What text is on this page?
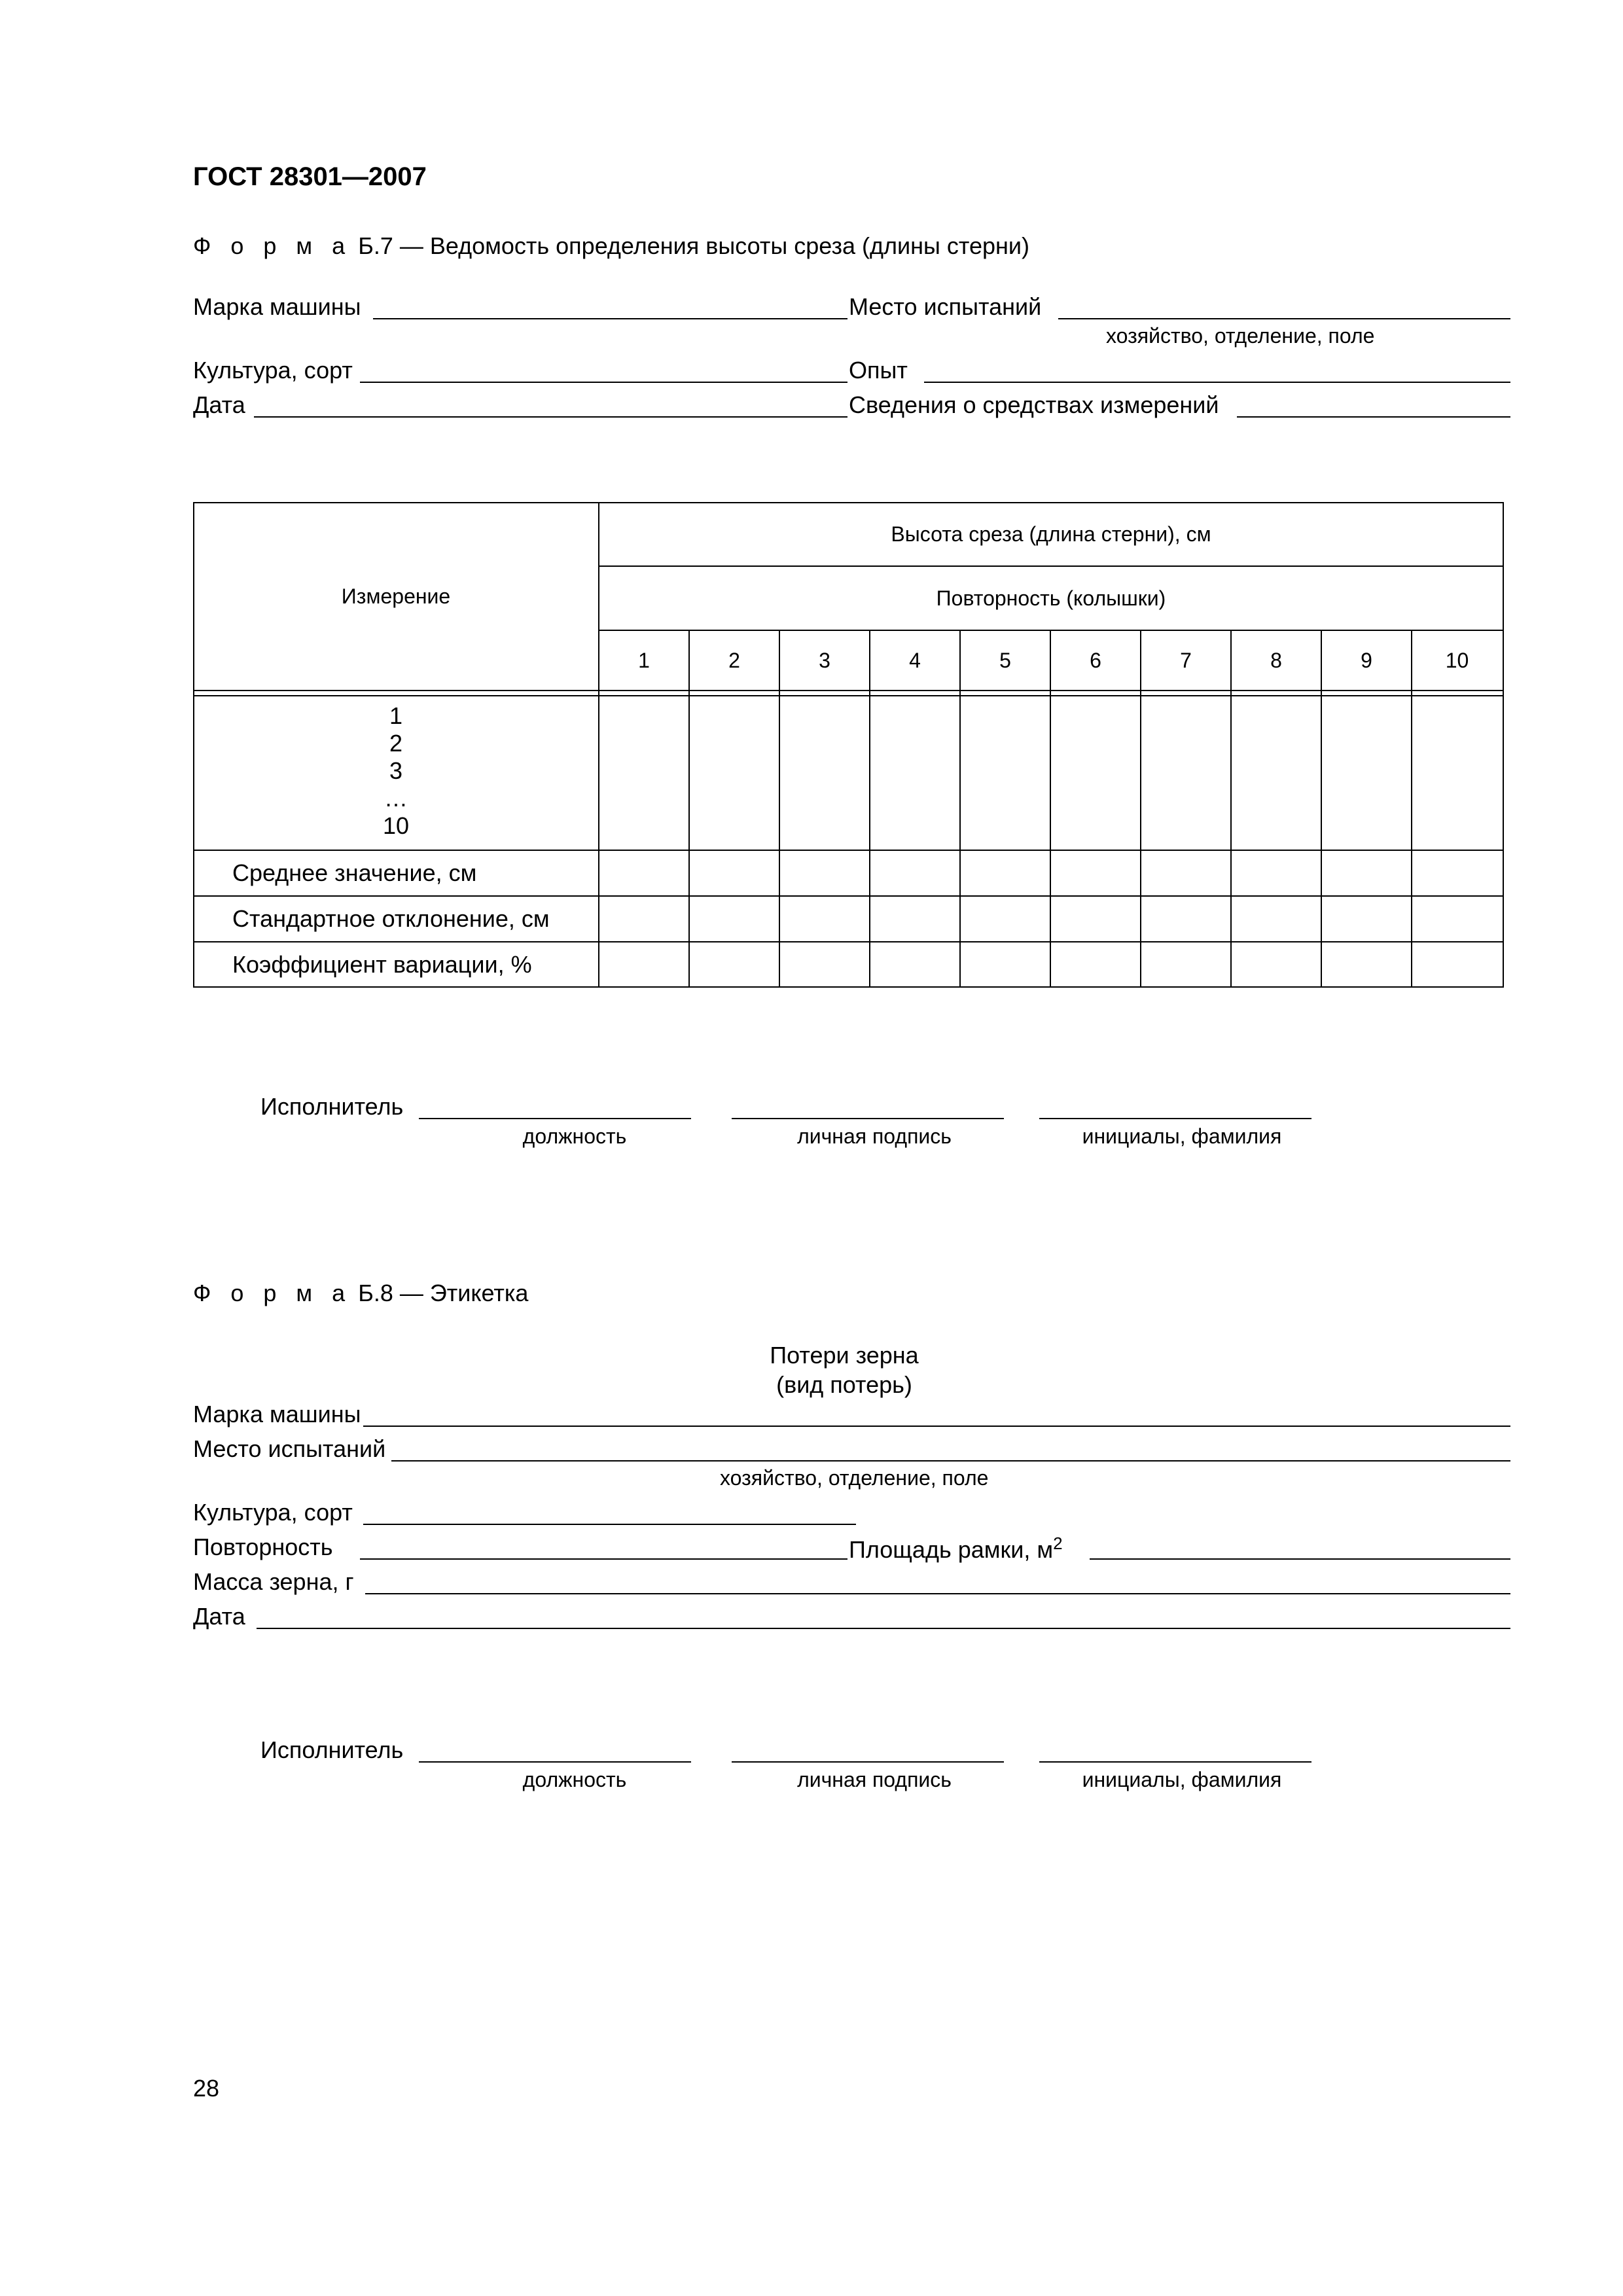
ГОСТ 28301—2007
Ф о р м а Б.7 — Ведомость определения высоты среза (длины стерни)
Марка машины	Место испытаний
хозяйство, отделение, поле
Культура, сорт	Опыт
Дата	Сведения о средствах измерений
Измерение
Высота среза (длина стерни), см
Повторность (колышки)
1	2	3	4	5	6	7	8	9	10
1
2
3
…
10
Среднее значение, см
Стандартное отклонение, см
Коэффициент вариации, %
Исполнитель
должность	личная подпись	инициалы, фамилия
Ф о р м а Б.8 — Этикетка
Потери зерна
(вид потерь)
Марка машины
Место испытаний
хозяйство, отделение, поле
Культура, сорт
Повторность	Площадь рамки, $м^2$
Масса зерна, г
Дата
Исполнитель
должность	личная подпись	инициалы, фамилия
28
